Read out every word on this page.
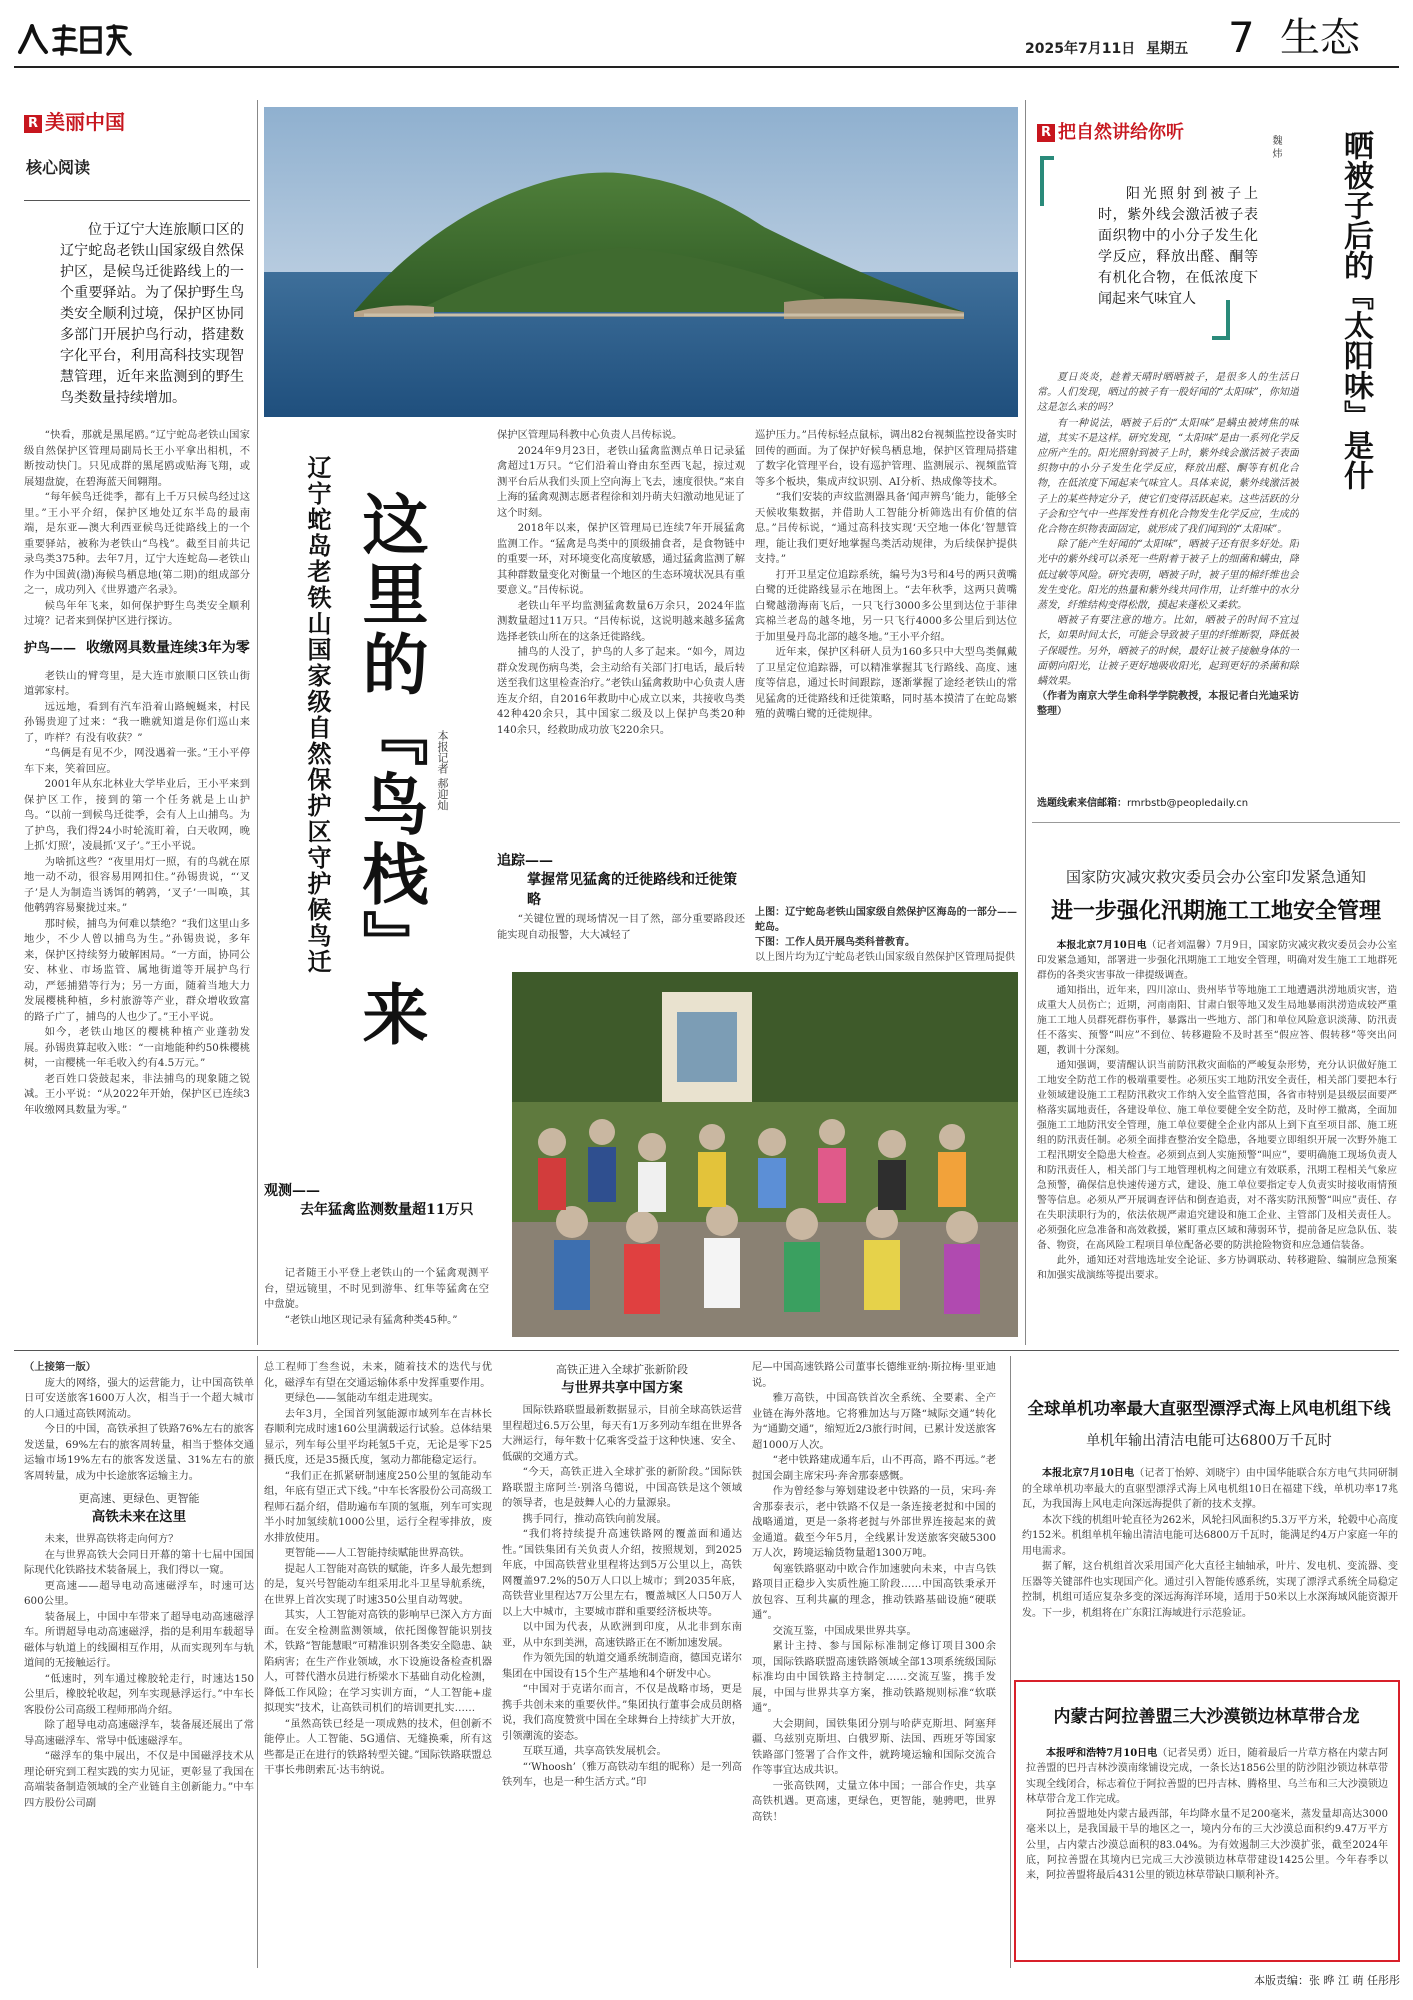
2025年7月11日 星期五 7 生态
R 美丽中国
核心阅读

位于辽宁大连旅顺口区的辽宁蛇岛老铁山国家级自然保护区，是候鸟迁徙路线上的一个重要驿站。为了保护野生鸟类安全顺利过境，保护区协同多部门开展护鸟行动，搭建数字化平台，利用高科技实现智慧管理，近年来监测到的野生鸟类数量持续增加。

“快看，那就是黑尾鸥。”辽宁蛇岛老铁山国家级自然保护区管理局副局长王小平拿出相机，不断按动快门。只见成群的黑尾鸥或贴海飞翔，或展翅盘旋，在碧海蓝天间翱翔。

“每年候鸟迁徙季，都有上千万只候鸟经过这里。”王小平介绍，保护区地处辽东半岛的最南端，是东亚—澳大利西亚候鸟迁徙路线上的一个重要驿站，被称为老铁山“鸟栈”。截至目前共记录鸟类375种。去年7月，辽宁大连蛇岛—老铁山作为中国黄(渤)海候鸟栖息地(第二期)的组成部分之一，成功列入《世界遗产名录》。

候鸟年年飞来，如何保护野生鸟类安全顺利过境？记者来到保护区进行探访。

护鸟—— 收缴网具数量连续3年为零

老铁山的臂弯里，是大连市旅顺口区铁山街道郭家村。

远远地，看到有汽车沿着山路蜿蜒来，村民孙锡贵迎了过来：“我一瞧就知道是你们巡山来了，咋样？有没有收获？”

“鸟俩是有见不少，网没遇着一张。”王小平停车下来，笑着回应。

2001年从东北林业大学毕业后，王小平来到保护区工作，接到的第一个任务就是上山护鸟。“以前一到候鸟迁徙季，会有人上山捕鸟。为了护鸟，我们得24小时轮流盯着，白天收网，晚上抓‘灯照’，凌晨抓‘叉子’。”王小平说。

为啥抓这些？“夜里用灯一照，有的鸟就在原地一动不动，很容易用网扣住。”孙锡贵说，“‘叉子’是人为制造当诱饵的鹌鹑，‘叉子’一叫唤，其他鹌鹑容易聚拢过来。”

那时候，捕鸟为何难以禁绝？“我们这里山多地少，不少人曾以捕鸟为生。”孙锡贵说，多年来，保护区持续努力破解困局。“一方面，协同公安、林业、市场监管、属地街道等开展护鸟行动，严惩捕猎等行为；另一方面，随着当地大力发展樱桃种植，乡村旅游等产业，群众增收致富的路子广了，捕鸟的人也少了。”王小平说。

如今，老铁山地区的樱桃种植产业蓬勃发展。孙锡贵算起收入账：“一亩地能种约50株樱桃树，一亩樱桃一年毛收入约有4.5万元。”

老百姓口袋鼓起来，非法捕鸟的现象随之锐减。王小平说：“从2022年开始，保护区已连续3年收缴网具数量为零。”

辽宁蛇岛老铁山国家级自然保护区守护候鸟迁
这里的『鸟栈』来
本报记者 郝迎灿
观测——
去年猛禽监测数量超11万只

记者随王小平登上老铁山的一个猛禽观测平台，望远镜里，不时见到游隼、红隼等猛禽在空中盘旋。

“老铁山地区现记录有猛禽种类45种。”

保护区管理局科教中心负责人吕传标说。

2024年9月23日，老铁山猛禽监测点单日记录猛禽超过1万只。“它们沿着山脊由东至西飞起，掠过观测平台后从我们头顶上空向海上飞去，速度很快。”来自上海的猛禽观测志愿者程徐和刘丹萌夫妇激动地见证了这个时刻。

2018年以来，保护区管理局已连续7年开展猛禽监测工作。“猛禽是鸟类中的顶级捕食者，是食物链中的重要一环，对环境变化高度敏感，通过猛禽监测了解其种群数量变化对衡量一个地区的生态环境状况具有重要意义。”吕传标说。

老铁山年平均监测猛禽数量6万余只，2024年监测数量超过11万只。“吕传标说，这说明越来越多猛禽选择老铁山所在的这条迁徙路线。

捕鸟的人没了，护鸟的人多了起来。“如今，周边群众发现伤病鸟类，会主动给有关部门打电话，最后转送至我们这里检查治疗。”老铁山猛禽救助中心负责人唐连友介绍，自2016年救助中心成立以来，共接收鸟类42种420余只，其中国家二级及以上保护鸟类20种140余只，经救助成功放飞220余只。

追踪——
掌握常见猛禽的迁徙路线和迁徙策略

“关键位置的现场情况一目了然，部分重要路段还能实现自动报警，大大减轻了

巡护压力。”吕传标轻点鼠标，调出82台视频监控设备实时回传的画面。为了保护好候鸟栖息地，保护区管理局搭建了数字化管理平台，设有巡护管理、监测展示、视频监管等多个板块，集成声纹识别、AI分析、热成像等技术。

“我们安装的声纹监测器具备‘闻声辨鸟’能力，能够全天候收集数据，并借助人工智能分析筛选出有价值的信息。”吕传标说，“通过高科技实现‘天空地一体化’智慧管理，能让我们更好地掌握鸟类活动规律，为后续保护提供支持。”

打开卫星定位追踪系统，编号为3号和4号的两只黄嘴白鹭的迁徙路线显示在地图上。“去年秋季，这两只黄嘴白鹭越渤海南飞后，一只飞行3000多公里到达位于菲律宾棉兰老岛的越冬地，另一只飞行4000多公里后到达位于加里曼丹岛北部的越冬地。”王小平介绍。

近年来，保护区科研人员为160多只中大型鸟类佩戴了卫星定位追踪器，可以精准掌握其飞行路线、高度、速度等信息，通过长时间跟踪，逐渐掌握了途经老铁山的常见猛禽的迁徙路线和迁徙策略，同时基本摸清了在蛇岛繁殖的黄嘴白鹭的迁徙规律。

上图：辽宁蛇岛老铁山国家级自然保护区海岛的一部分——蛇岛。
下图：工作人员开展鸟类科普教育。
以上图片均为辽宁蛇岛老铁山国家级自然保护区管理局提供
R 把自然讲给你听
阳光照射到被子上时，紫外线会激活被子表面织物中的小分子发生化学反应，释放出醛、酮等有机化合物，在低浓度下闻起来气味宜人
魏 炜	晒被子后的『太阳味』是什

夏日炎炎，趁着天晴时晒晒被子，是很多人的生活日常。人们发现，晒过的被子有一股好闻的“太阳味”，你知道这是怎么来的吗？

有一种说法，晒被子后的“太阳味”是螨虫被烤焦的味道，其实不是这样。研究发现，“太阳味”是由一系列化学反应所产生的。阳光照射到被子上时，紫外线会激活被子表面织物中的小分子发生化学反应，释放出醛、酮等有机化合物，在低浓度下闻起来气味宜人。具体来说，紫外线激活被子上的某些特定分子，使它们变得活跃起来。这些活跃的分子会和空气中一些挥发性有机化合物发生化学反应，生成的化合物在织物表面固定，就形成了我们闻到的“太阳味”。

除了能产生好闻的“太阳味”，晒被子还有很多好处。阳光中的紫外线可以杀死一些附着于被子上的细菌和螨虫，降低过敏等风险。研究表明，晒被子时，被子里的棉纤维也会发生变化。阳光的热量和紫外线共同作用，让纤维中的水分蒸发，纤维结构变得松散，摸起来蓬松又柔软。

晒被子有要注意的地方。比如，晒被子的时间不宜过长，如果时间太长，可能会导致被子里的纤维断裂，降低被子保暖性。另外，晒被子的时候，最好让被子接触身体的一面朝向阳光，让被子更好地吸收阳光，起到更好的杀菌和除螨效果。

（作者为南京大学生命科学学院教授，本报记者白光迪采访整理）

选题线索来信邮箱：rmrbstb@peopledaily.cn
国家防灾减灾救灾委员会办公室印发紧急通知
进一步强化汛期施工工地安全管理

本报北京7月10日电（记者刘温馨）7月9日，国家防灾减灾救灾委员会办公室印发紧急通知，部署进一步强化汛期施工工地安全管理，明确对发生施工工地群死群伤的各类灾害事故一律提级调查。

通知指出，近年来，四川凉山、贵州毕节等地施工工地遭遇洪涝地质灾害，造成重大人员伤亡；近期，河南南阳、甘肃白银等地又发生局地暴雨洪涝造成较严重施工工地人员群死群伤事件，暴露出一些地方、部门和单位风险意识淡薄、防汛责任不落实、预警“叫应”不到位、转移避险不及时甚至“假应答、假转移”等突出问题，教训十分深刻。

通知强调，要清醒认识当前防汛救灾面临的严峻复杂形势，充分认识做好施工工地安全防范工作的极端重要性。必须压实工地防汛安全责任，相关部门要把本行业领域建设施工工程防汛救灾工作纳入安全监管范围，各省市特别是县级层面要严格落实属地责任，各建设单位、施工单位要健全安全防范，及时停工撤离，全面加强施工工地防汛安全管理，施工单位要健全企业内部从上到下直至项目部、施工班组的防汛责任制。必须全面排查整治安全隐患，各地要立即组织开展一次野外施工工程汛期安全隐患大检查。必须到点到人实施预警“叫应”，要明确施工现场负责人和防汛责任人，相关部门与工地管理机构之间建立有效联系，汛期工程相关气象应急预警，确保信息快速传递方式，建设、施工单位要指定专人负责实时接收雨情预警等信息。必须从严开展调查评估和倒查追责，对不落实防汛预警“叫应”责任、存在失职渎职行为的，依法依规严肃追究建设和施工企业、主管部门及相关责任人。必须强化应急准备和高效救援，紧盯重点区域和薄弱环节，提前备足应急队伍、装备、物资，在高风险工程项目单位配备必要的防洪抢险物资和应急通信装备。

此外，通知还对营地选址安全论证、多方协调联动、转移避险、编制应急预案和加强实战演练等提出要求。

（上接第一版）

庞大的网络，强大的运营能力，让中国高铁单日可安送旅客1600万人次，相当于一个超大城市的人口通过高铁网流动。

今日的中国，高铁承担了铁路76%左右的旅客发送量，69%左右的旅客周转量，相当于整体交通运输市场19%左右的旅客发送量、31%左右的旅客周转量，成为中长途旅客运输主力。

更高速、更绿色、更智能
高铁未来在这里

未来，世界高铁将走向何方？

在与世界高铁大会同日开幕的第十七届中国国际现代化铁路技术装备展上，我们得以一窥。

更高速——超导电动高速磁浮车，时速可达600公里。

装备展上，中国中车带来了超导电动高速磁浮车。所谓超导电动高速磁浮，指的是利用车载超导磁体与轨道上的线圈相互作用，从而实现列车与轨道间的无接触运行。

“低速时，列车通过橡胶轮走行，时速达150公里后，橡胶轮收起，列车实现悬浮运行。”中车长客股份公司高级工程师邢尚介绍。

除了超导电动高速磁浮车，装备展还展出了常导高速磁浮车、常导中低速磁浮车。

“磁浮车的集中展出，不仅是中国磁浮技术从理论研究到工程实践的实力见证，更彰显了我国在高端装备制造领域的全产业链自主创新能力。”中车四方股份公司副

总工程师丁叁叁说，未来，随着技术的迭代与优化，磁浮车有望在交通运输体系中发挥重要作用。

更绿色——氢能动车组走进现实。

去年3月，全国首列氢能源市域列车在吉林长春顺利完成时速160公里满载运行试验。总体结果显示，列车每公里平均耗氢5千克，无论是零下25摄氏度，还是35摄氏度，氢动力都能稳定运行。

“我们正在抓紧研制速度250公里的氢能动车组，年底有望正式下线。”中车长客股份公司高级工程师石磊介绍，借助遍布车顶的氢瓶，列车可实现半小时加氢续航1000公里，运行全程零排放，废水排放使用。

更智能——人工智能持续赋能世界高铁。

提起人工智能对高铁的赋能，许多人最先想到的是，复兴号智能动车组采用北斗卫星导航系统，在世界上首次实现了时速350公里自动驾驶。

其实，人工智能对高铁的影响早已深入方方面面。在安全检测监测领域，依托图像智能识别技术，铁路“智能慧眼”可精准识别各类安全隐患、缺陷病害；在生产作业领域，水下设施设备检查机器人，可替代潜水员进行桥梁水下基础自动化检测，降低工作风险；在学习实训方面，“人工智能+虚拟现实”技术，让高铁司机们的培训更扎实……

“虽然高铁已经是一项成熟的技术，但创新不能停止。人工智能、5G通信、无缝换乘，所有这些都是正在进行的铁路转型关键。”国际铁路联盟总干事长弗朗索瓦·达韦纳说。

高铁正进入全球扩张新阶段
与世界共享中国方案

国际铁路联盟最新数据显示，目前全球高铁运营里程超过6.5万公里，每天有1万多列动车组在世界各大洲运行，每年数十亿乘客受益于这种快速、安全、低碳的交通方式。

“今天，高铁正进入全球扩张的新阶段。”国际铁路联盟主席阿兰·别洛乌德说，中国高铁是这个领域的领导者，也是鼓舞人心的力量源泉。

携手同行，推动高铁向前发展。

“我们将持续提升高速铁路网的覆盖面和通达性。”国铁集团有关负责人介绍，按照规划，到2025年底，中国高铁营业里程将达到5万公里以上，高铁网覆盖97.2%的50万人口以上城市；到2035年底，高铁营业里程达7万公里左右，覆盖城区人口50万人以上大中城市，主要城市群和重要经济板块等。

以中国为代表，从欧洲到印度，从北非到东南亚，从中东到美洲，高速铁路正在不断加速发展。

作为领先国的轨道交通系统制造商，德国克诺尔集团在中国设有15个生产基地和4个研发中心。

“中国对于克诺尔而言，不仅是战略市场，更是携手共创未来的重要伙伴。”集团执行董事会成员朗格说，我们高度赞赏中国在全球舞台上持续扩大开放，引领潮流的姿态。

互联互通，共享高铁发展机会。

“‘Whoosh’（雅万高铁动车组的昵称）是一列高铁列车，也是一种生活方式。”印

尼—中国高速铁路公司董事长德维亚纳·斯拉梅·里亚迪说。

雅万高铁，中国高铁首次全系统、全要素、全产业链在海外落地。它将雅加达与万隆“城际交通”转化为“通勤交通”，缩短近2/3旅行时间，已累计发送旅客超1000万人次。

“老中铁路建成通车后，山不再高，路不再远。”老挝国会副主席宋玛·奔舍那泰感慨。

作为曾经参与筹划建设老中铁路的一员，宋玛·奔舍那泰表示，老中铁路不仅是一条连接老挝和中国的战略通道，更是一条将老挝与外部世界连接起来的黄金通道。截至今年5月，全线累计发送旅客突破5300万人次，跨境运输货物量超1300万吨。

匈塞铁路驱动中欧合作加速驶向未来，中吉乌铁路项目正稳步入实质性施工阶段……中国高铁秉承开放包容、互利共赢的理念，推动铁路基础设施“硬联通”。

交流互鉴，中国成果世界共享。

累计主持、参与国际标准制定修订项目300余项，国际铁路联盟高速铁路领域全部13项系统级国际标准均由中国铁路主持制定……交流互鉴，携手发展，中国与世界共享方案，推动铁路规则标准“软联通”。

大会期间，国铁集团分别与哈萨克斯坦、阿塞拜疆、乌兹别克斯坦、白俄罗斯、法国、西班牙等国家铁路部门签署了合作文件，就跨境运输和国际交流合作等事宜达成共识。

一张高铁网，丈量立体中国；一部合作史，共享高铁机遇。更高速，更绿色，更智能，驰骋吧，世界高铁！

全球单机功率最大直驱型漂浮式海上风电机组下线
单机年输出清洁电能可达6800万千瓦时

本报北京7月10日电（记者丁怡婷、刘晓宇）由中国华能联合东方电气共同研制的全球单机功率最大的直驱型漂浮式海上风电机组10日在福建下线，单机功率17兆瓦，为我国海上风电走向深远海提供了新的技术支撑。

本次下线的机组叶轮直径为262米，风轮扫风面积约5.3万平方米，轮毂中心高度约152米。机组单机年输出清洁电能可达6800万千瓦时，能满足约4万户家庭一年的用电需求。

据了解，这台机组首次采用国产化大直径主轴轴承，叶片、发电机、变流器、变压器等关键部件也实现国产化。通过引入智能传感系统，实现了漂浮式系统全局稳定控制，机组可适应复杂多变的深远海海洋环境，适用于50米以上水深海域风能资源开发。下一步，机组将在广东阳江海域进行示范验证。

内蒙古阿拉善盟三大沙漠锁边林草带合龙

本报呼和浩特7月10日电（记者吴勇）近日，随着最后一片草方格在内蒙古阿拉善盟的巴丹吉林沙漠南缘铺设完成，一条长达1856公里的防沙阻沙锁边林草带实现全线闭合，标志着位于阿拉善盟的巴丹吉林、腾格里、乌兰布和三大沙漠锁边林草带合龙工作完成。

阿拉善盟地处内蒙古最西部，年均降水量不足200毫米，蒸发量却高达3000毫米以上，是我国最干旱的地区之一，境内分布的三大沙漠总面积约9.47万平方公里，占内蒙古沙漠总面积的83.04%。为有效遏制三大沙漠扩张，截至2024年底，阿拉善盟在其境内已完成三大沙漠锁边林草带建设1425公里。今年春季以来，阿拉善盟将最后431公里的锁边林草带缺口顺利补齐。

本版责编：张 晔 江 萌 任彤彤
